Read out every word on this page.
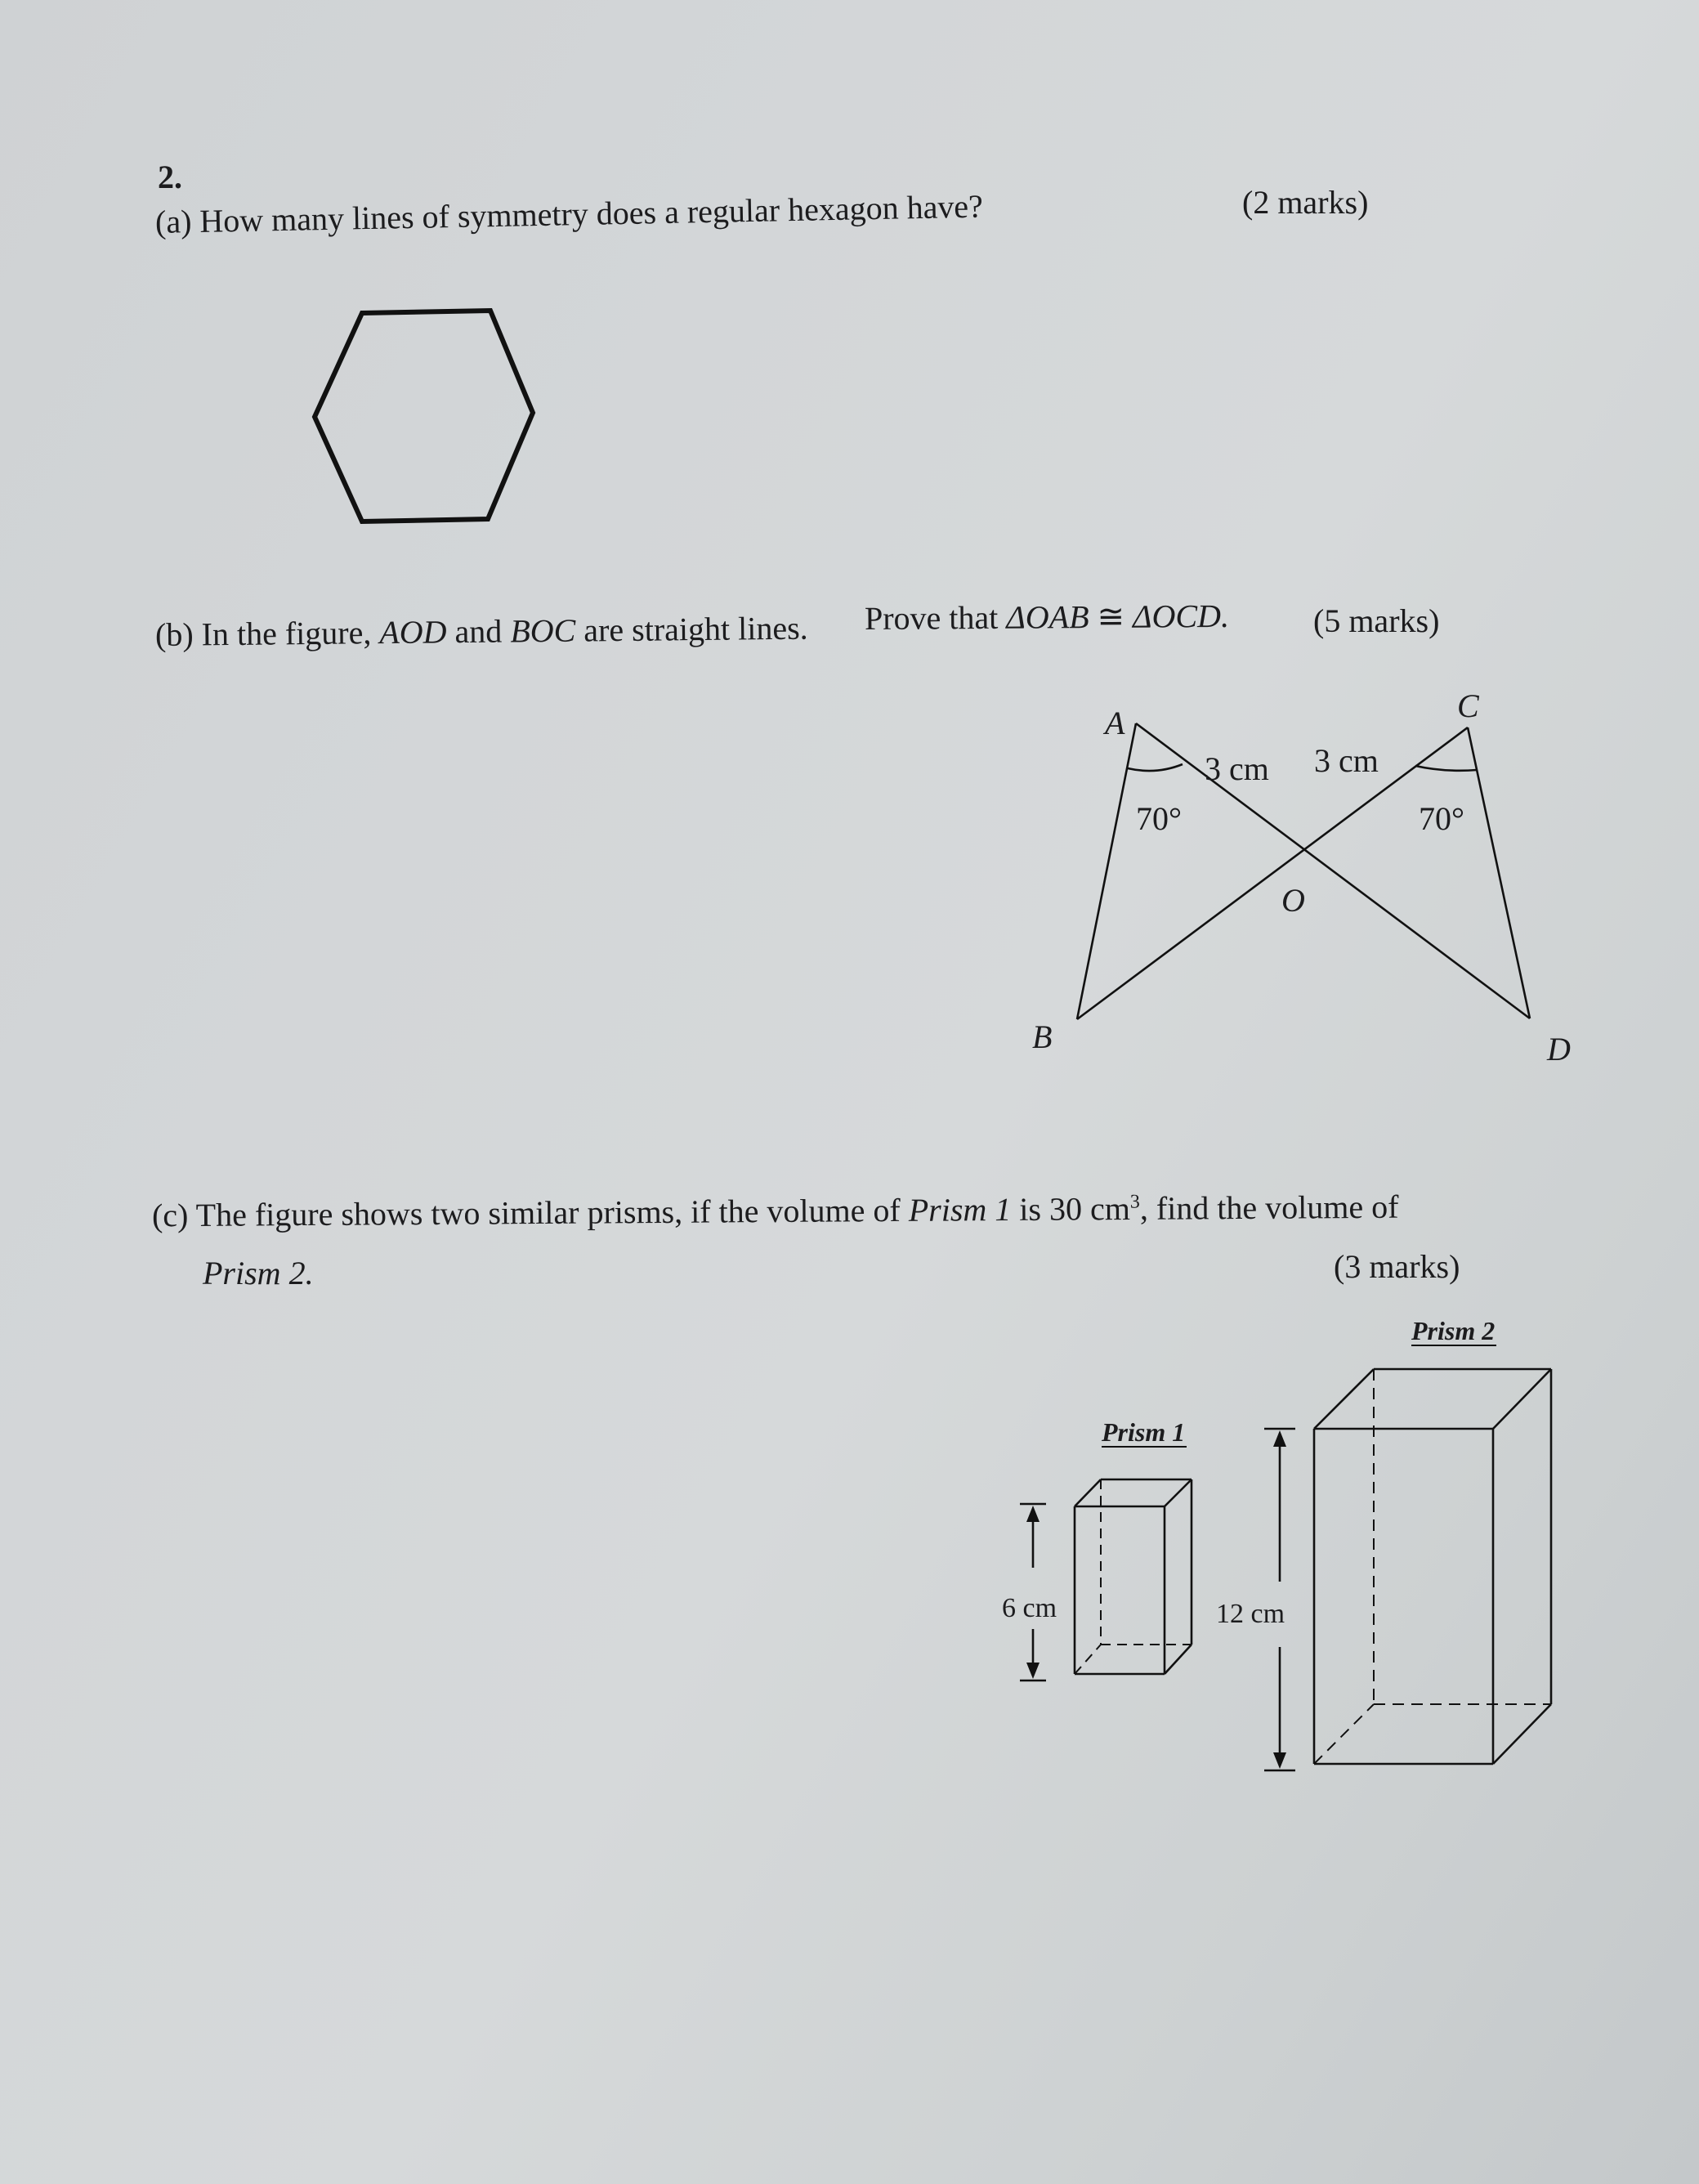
2.
(a) How many lines of symmetry does a regular hexagon have?	(2 marks)
(b) In the figure, AOD and BOC are straight lines. Prove that ΔOAB ≅ ΔOCD.	(5 marks)
(c) The figure shows two similar prisms, if the volume of Prism 1 is 30 $cm^3$, find the volume of
Prism 2.	(3 marks)
A
B
C
D
O
3 cm 3 cm
70°	70°
Prism 1
6 cm
Prism 2
12 cm
